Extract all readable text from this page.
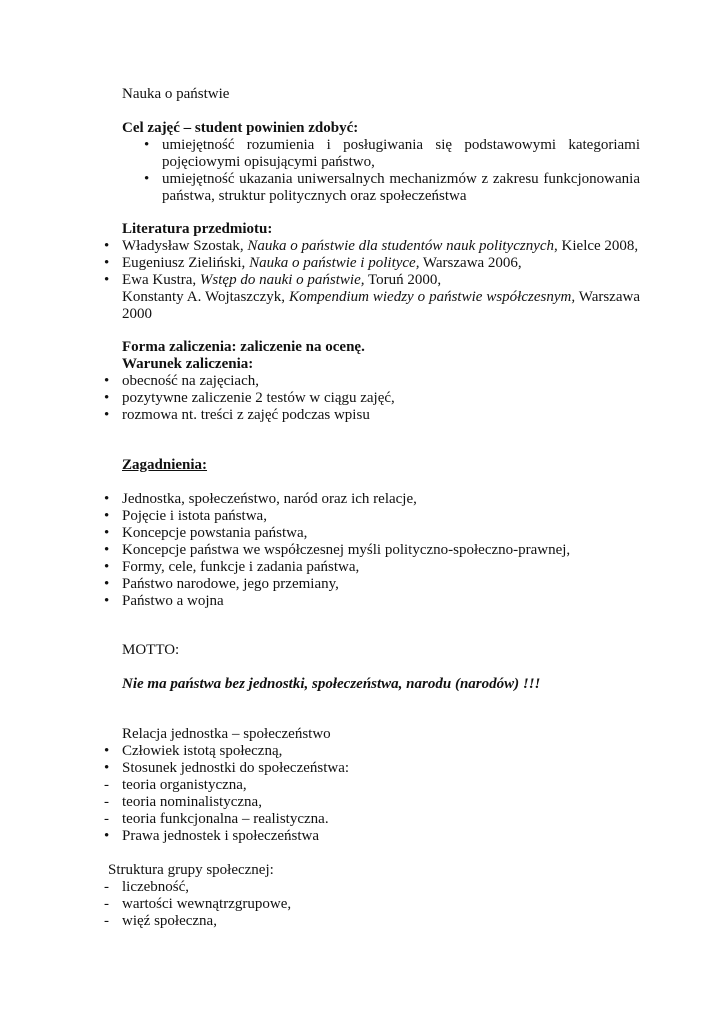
Nauka o państwie
Cel zajęć – student powinien zdobyć:
• umiejętność rozumienia i posługiwania się podstawowymi kategoriami
pojęciowymi opisującymi państwo,
• umiejętność ukazania uniwersalnych mechanizmów z zakresu funkcjonowania
państwa, struktur politycznych oraz społeczeństwa
Literatura przedmiotu:
• Władysław Szostak, Nauka o państwie dla studentów nauk politycznych, Kielce 2008,
• Eugeniusz Zieliński, Nauka o państwie i polityce, Warszawa 2006,
• Ewa Kustra, Wstęp do nauki o państwie, Toruń 2000,
Konstanty A. Wojtaszczyk, Kompendium wiedzy o państwie współczesnym, Warszawa
2000
Forma zaliczenia: zaliczenie na ocenę.
Warunek zaliczenia:
• obecność na zajęciach,
• pozytywne zaliczenie 2 testów w ciągu zajęć,
• rozmowa nt. treści z zajęć podczas wpisu
Zagadnienia:
• Jednostka, społeczeństwo, naród oraz ich relacje,
• Pojęcie i istota państwa,
• Koncepcje powstania państwa,
• Koncepcje państwa we współczesnej myśli polityczno-społeczno-prawnej,
• Formy, cele, funkcje i zadania państwa,
• Państwo narodowe, jego przemiany,
• Państwo a wojna
MOTTO:
Nie ma państwa bez jednostki, społeczeństwa, narodu (narodów) !!!
Relacja jednostka – społeczeństwo
• Człowiek istotą społeczną,
• Stosunek jednostki do społeczeństwa:
- teoria organistyczna,
- teoria nominalistyczna,
- teoria funkcjonalna – realistyczna.
• Prawa jednostek i społeczeństwa
Struktura grupy społecznej:
- liczebność,
- wartości wewnątrzgrupowe,
- więź społeczna,
